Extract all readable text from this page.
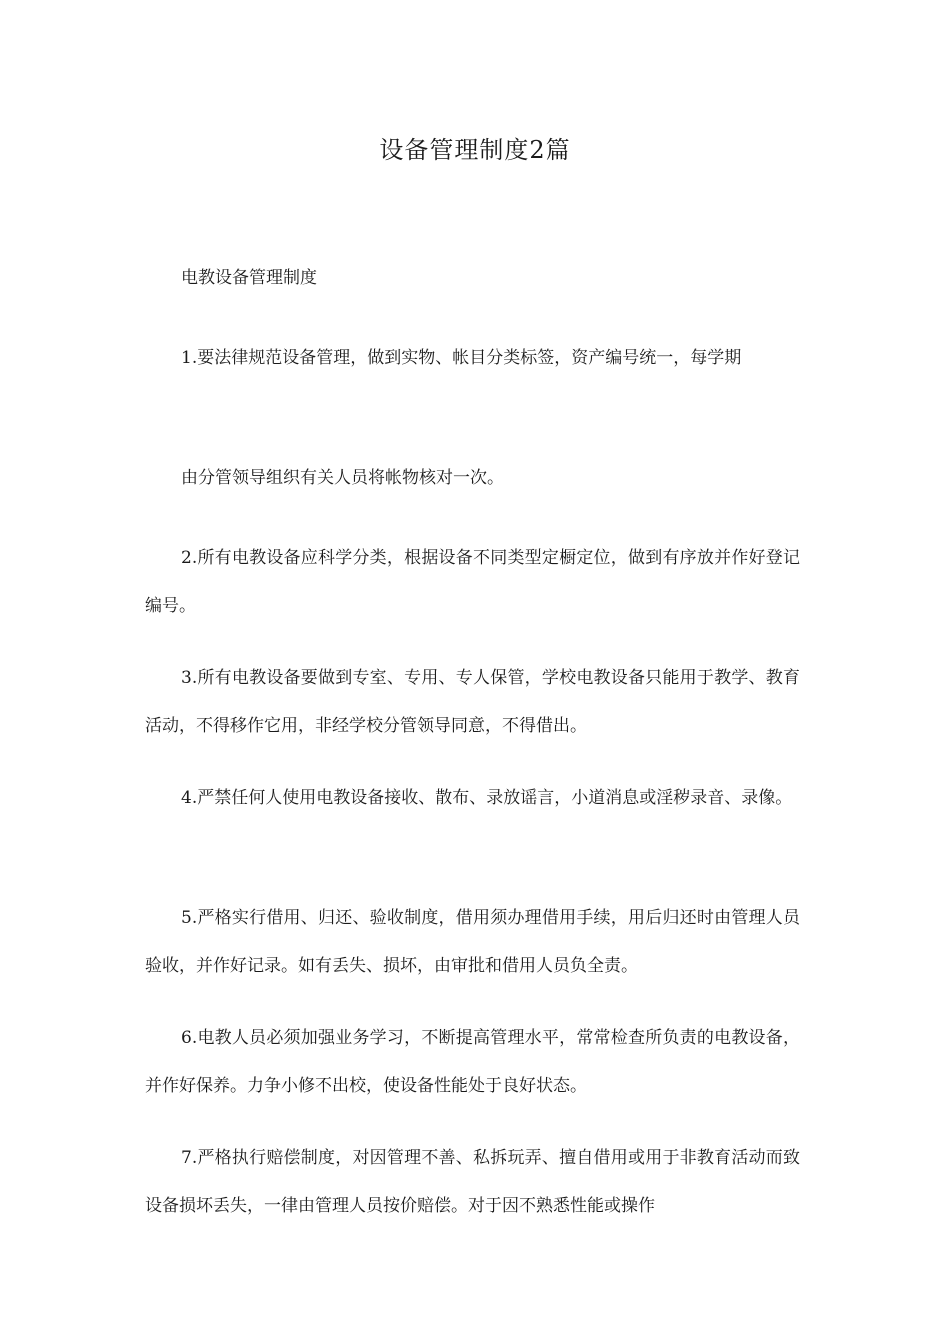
设备管理制度2篇

电教设备管理制度

1.要法律规范设备管理，做到实物、帐目分类标签，资产编号统一，每学期

由分管领导组织有关人员将帐物核对一次。

2.所有电教设备应科学分类，根据设备不同类型定橱定位，做到有序放并作好登记编号。

3.所有电教设备要做到专室、专用、专人保管，学校电教设备只能用于教学、教育活动，不得移作它用，非经学校分管领导同意，不得借出。

4.严禁任何人使用电教设备接收、散布、录放谣言，小道消息或淫秽录音、录像。

5.严格实行借用、归还、验收制度，借用须办理借用手续，用后归还时由管理人员验收，并作好记录。如有丢失、损坏，由审批和借用人员负全责。

6.电教人员必须加强业务学习，不断提高管理水平，常常检查所负责的电教设备，并作好保养。力争小修不出校，使设备性能处于良好状态。

7.严格执行赔偿制度，对因管理不善、私拆玩弄、擅自借用或用于非教育活动而致设备损坏丢失，一律由管理人员按价赔偿。对于因不熟悉性能或操作
